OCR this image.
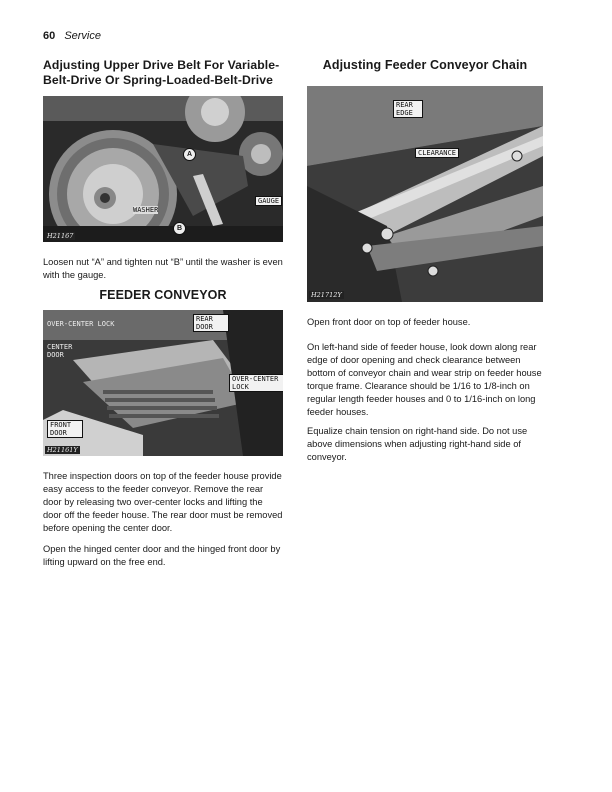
60 Service
Adjusting Upper Drive Belt For Variable-Belt-Drive Or Spring-Loaded-Belt-Drive
A
B
WASHER
GAUGE
H21167

Loosen nut “A” and tighten nut “B” until the washer is even with the gauge.

FEEDER CONVEYOR
OVER-CENTER LOCK
CENTER DOOR
REAR DOOR
OVER-CENTER LOCK
FRONT DOOR
H21161Y

Three inspection doors on top of the feeder house provide easy access to the feeder conveyor. Remove the rear door by releasing two over-center locks and lifting the door off the feeder house. The rear door must be removed before opening the center door.

Open the hinged center door and the hinged front door by lifting upward on the free end.

Adjusting Feeder Conveyor Chain
REAR EDGE
CLEARANCE
H21712Y

Open front door on top of feeder house.

On left-hand side of feeder house, look down along rear edge of door opening and check clearance between bottom of conveyor chain and wear strip on feeder house torque frame. Clearance should be 1/16 to 1/8-inch on regular length feeder houses and 0 to 1/16-inch on long feeder houses.

Equalize chain tension on right-hand side. Do not use above dimensions when adjusting right-hand side of conveyor.
